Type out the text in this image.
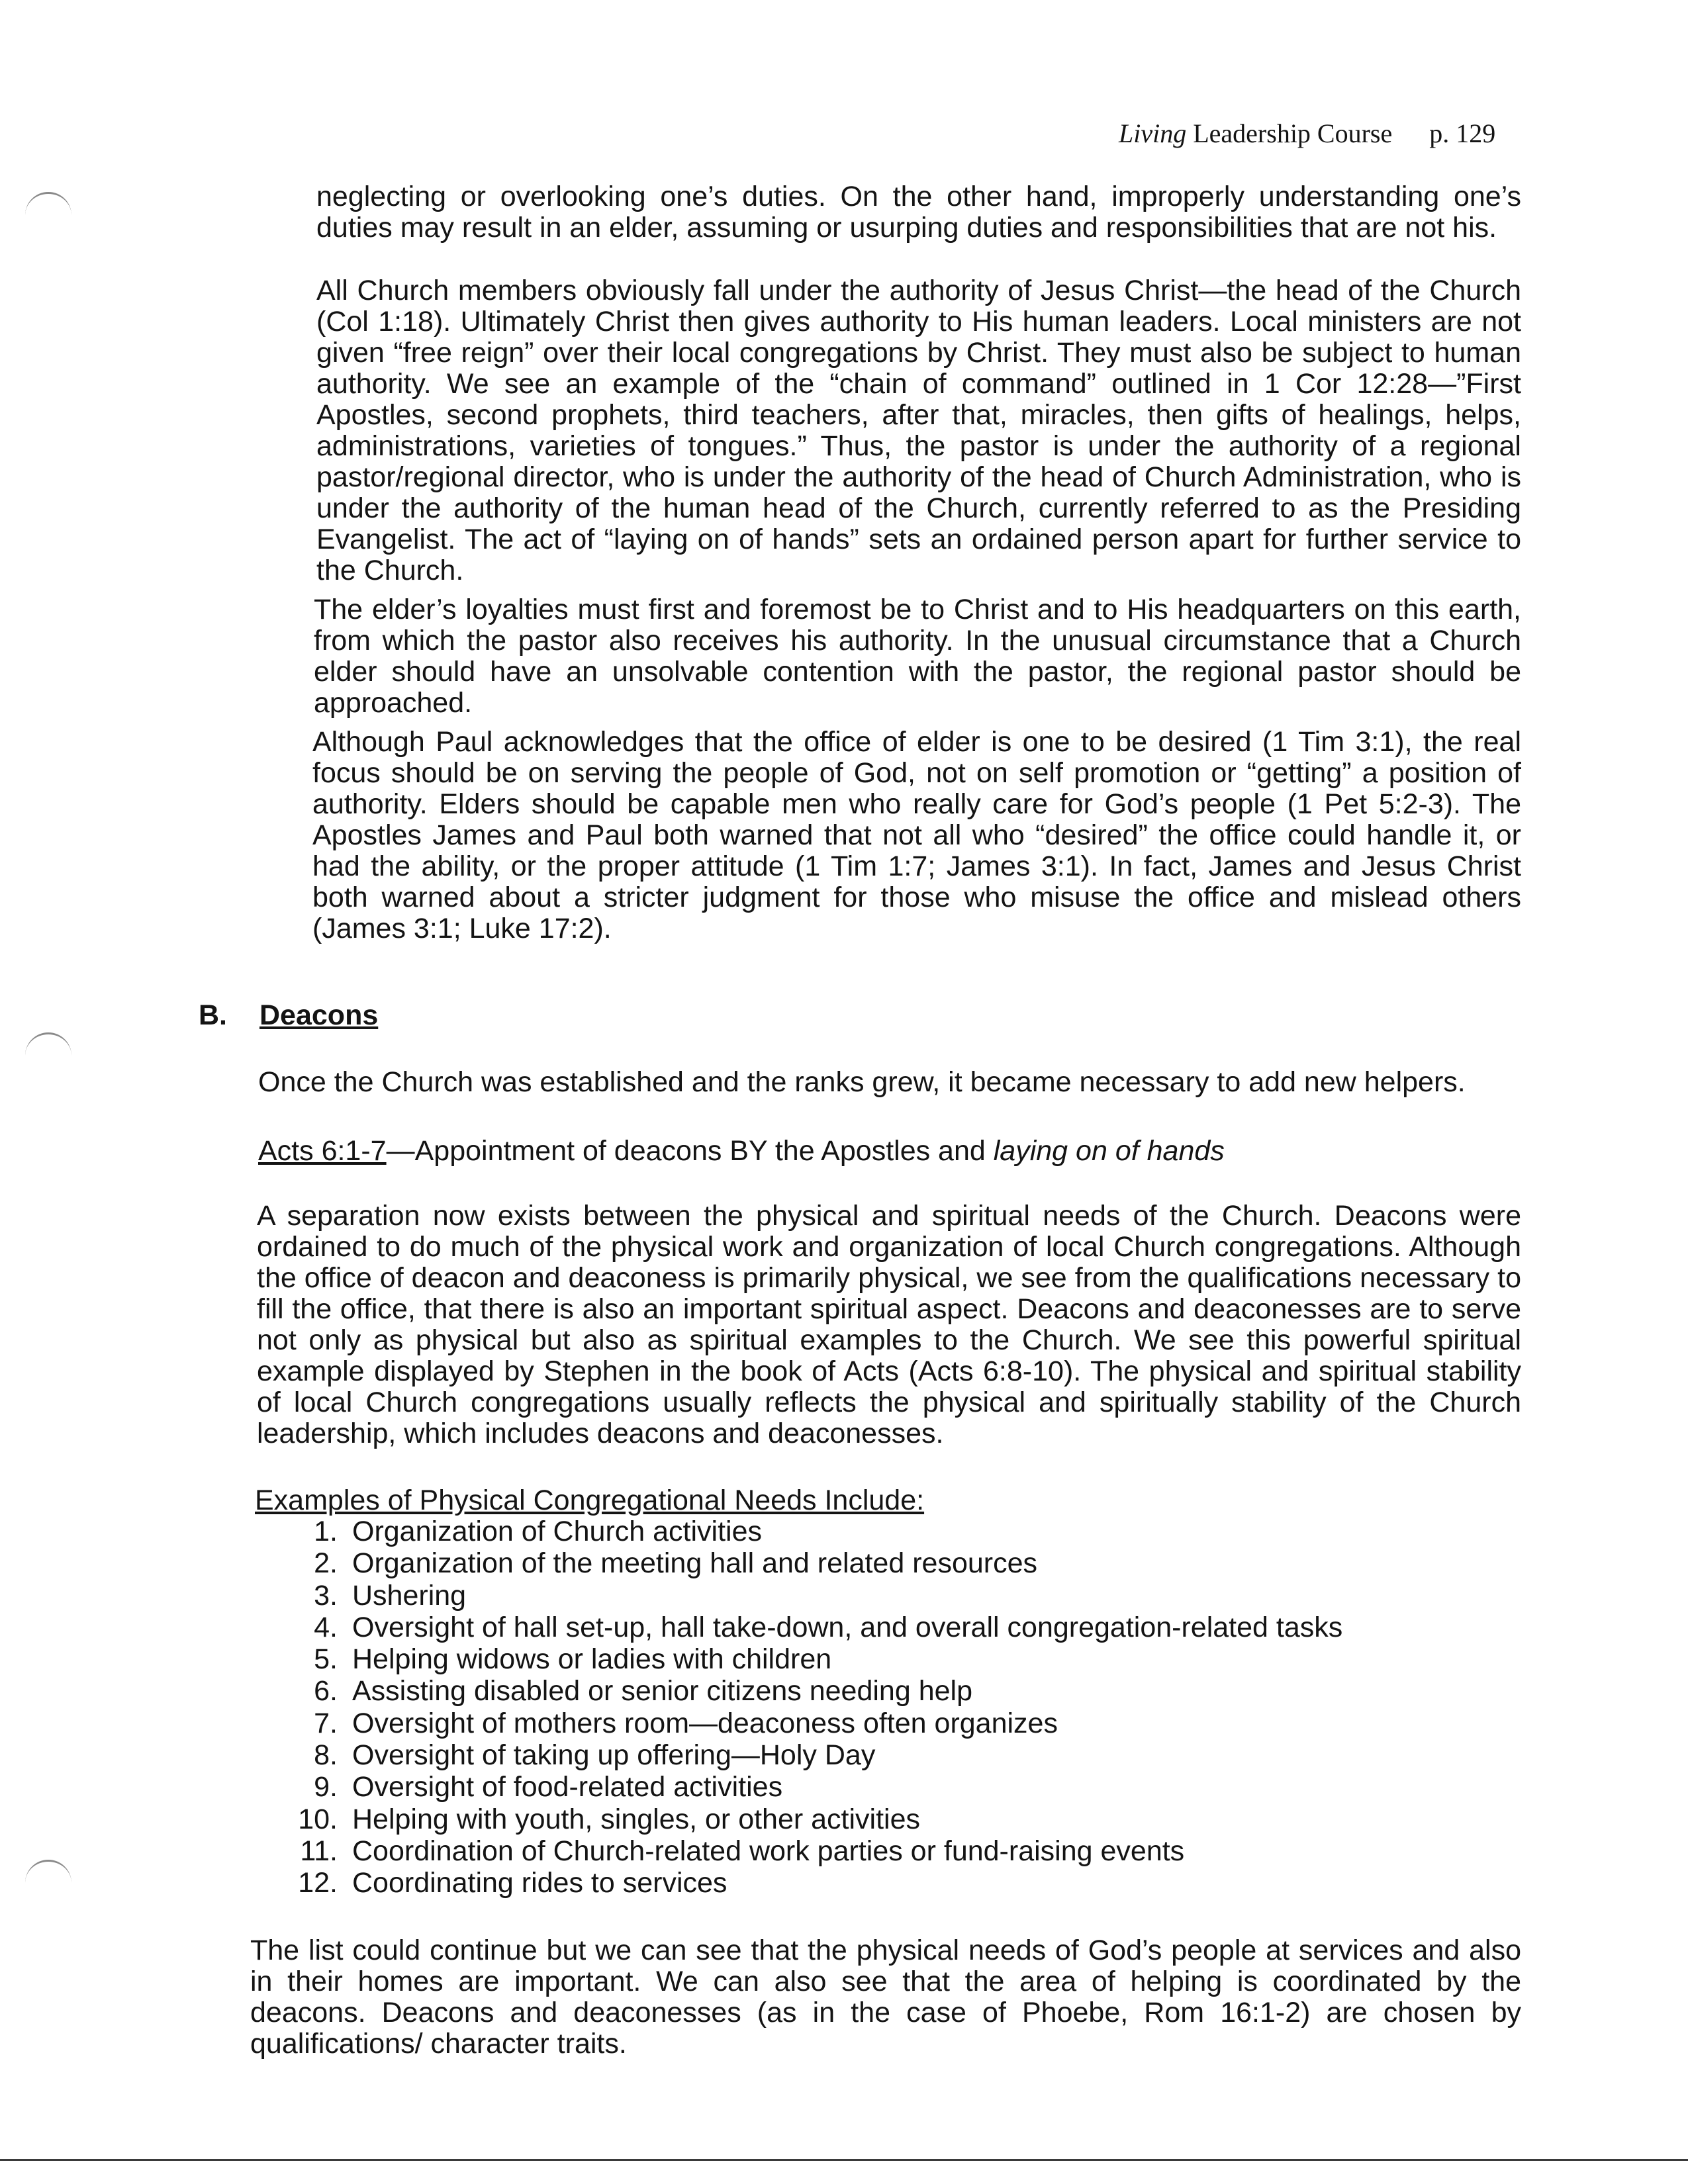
Living Leadership Course p. 129

neglecting or overlooking one’s duties. On the other hand, improperly understanding one’s duties may result in an elder, assuming or usurping duties and responsibilities that are not his.

All Church members obviously fall under the authority of Jesus Christ—the head of the Church (Col 1:18). Ultimately Christ then gives authority to His human leaders. Local ministers are not given “free reign” over their local congregations by Christ. They must also be subject to human authority. We see an example of the “chain of command” outlined in 1 Cor 12:28—”First Apostles, second prophets, third teachers, after that, miracles, then gifts of healings, helps, administrations, varieties of tongues.” Thus, the pastor is under the authority of a regional pastor/regional director, who is under the authority of the head of Church Administration, who is under the authority of the human head of the Church, currently referred to as the Presiding Evangelist. The act of “laying on of hands” sets an ordained person apart for further service to the Church.

The elder’s loyalties must first and foremost be to Christ and to His headquarters on this earth, from which the pastor also receives his authority. In the unusual circumstance that a Church elder should have an unsolvable contention with the pastor, the regional pastor should be approached.

Although Paul acknowledges that the office of elder is one to be desired (1 Tim 3:1), the real focus should be on serving the people of God, not on self promotion or “getting” a position of authority. Elders should be capable men who really care for God’s people (1 Pet 5:2-3). The Apostles James and Paul both warned that not all who “desired” the office could handle it, or had the ability, or the proper attitude (1 Tim 1:7; James 3:1). In fact, James and Jesus Christ both warned about a stricter judgment for those who misuse the office and mislead others (James 3:1; Luke 17:2).

B. Deacons
Once the Church was established and the ranks grew, it became necessary to add new helpers.
Acts 6:1-7—Appointment of deacons BY the Apostles and laying on of hands

A separation now exists between the physical and spiritual needs of the Church. Deacons were ordained to do much of the physical work and organization of local Church congregations. Although the office of deacon and deaconess is primarily physical, we see from the qualifications necessary to fill the office, that there is also an important spiritual aspect. Deacons and deaconesses are to serve not only as physical but also as spiritual examples to the Church. We see this powerful spiritual example displayed by Stephen in the book of Acts (Acts 6:8-10). The physical and spiritual stability of local Church congregations usually reflects the physical and spiritually stability of the Church leadership, which includes deacons and deaconesses.

Examples of Physical Congregational Needs Include:
1. Organization of Church activities
2. Organization of the meeting hall and related resources
3. Ushering
4. Oversight of hall set-up, hall take-down, and overall congregation-related tasks
5. Helping widows or ladies with children
6. Assisting disabled or senior citizens needing help
7. Oversight of mothers room—deaconess often organizes
8. Oversight of taking up offering—Holy Day
9. Oversight of food-related activities
10. Helping with youth, singles, or other activities
11. Coordination of Church-related work parties or fund-raising events
12. Coordinating rides to services

The list could continue but we can see that the physical needs of God’s people at services and also in their homes are important. We can also see that the area of helping is coordinated by the deacons. Deacons and deaconesses (as in the case of Phoebe, Rom 16:1-2) are chosen by qualifications/ character traits.
